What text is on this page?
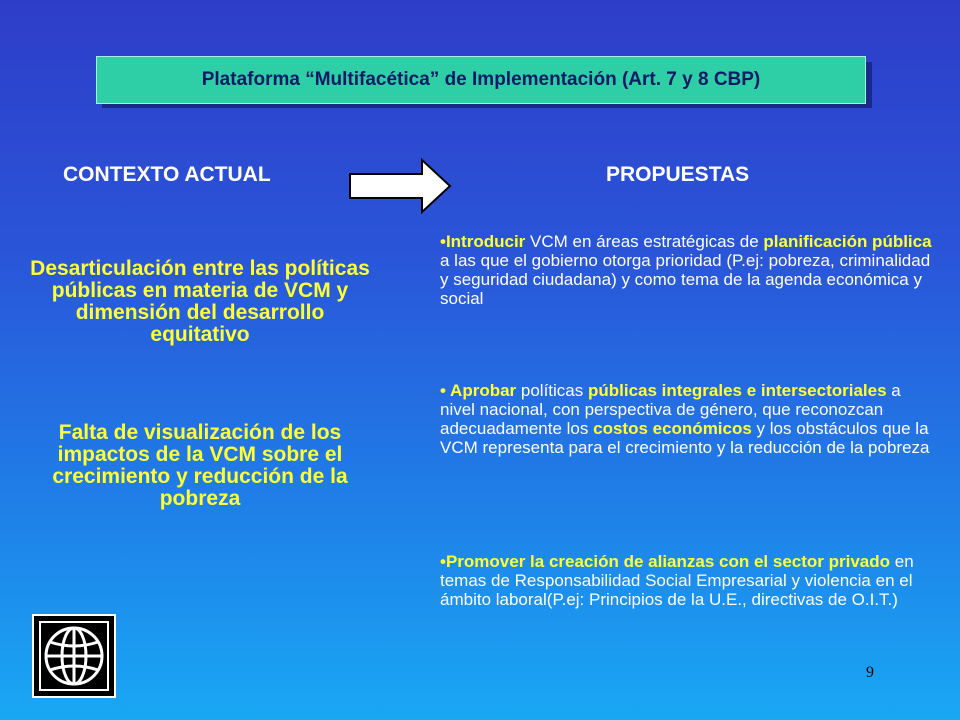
Plataforma “Multifacética” de Implementación (Art. 7 y 8 CBP)
CONTEXTO ACTUAL	PROPUESTAS
Desarticulación entre las políticas públicas en materia de VCM y dimensión del desarrollo equitativo
Falta de visualización de los impactos de la VCM sobre el crecimiento y reducción de la pobreza
•Introducir VCM en áreas estratégicas de planificación pública a las que el gobierno otorga prioridad (P.ej: pobreza, criminalidad y seguridad ciudadana) y como tema de la agenda económica y social
• Aprobar políticas públicas integrales e intersectoriales a nivel nacional, con perspectiva de género, que reconozcan adecuadamente los costos económicos y los obstáculos que la VCM representa para el crecimiento y la reducción de la pobreza
•Promover la creación de alianzas con el sector privado en temas de Responsabilidad Social Empresarial y violencia en el ámbito laboral(P.ej: Principios de la U.E., directivas de O.I.T.)
9
